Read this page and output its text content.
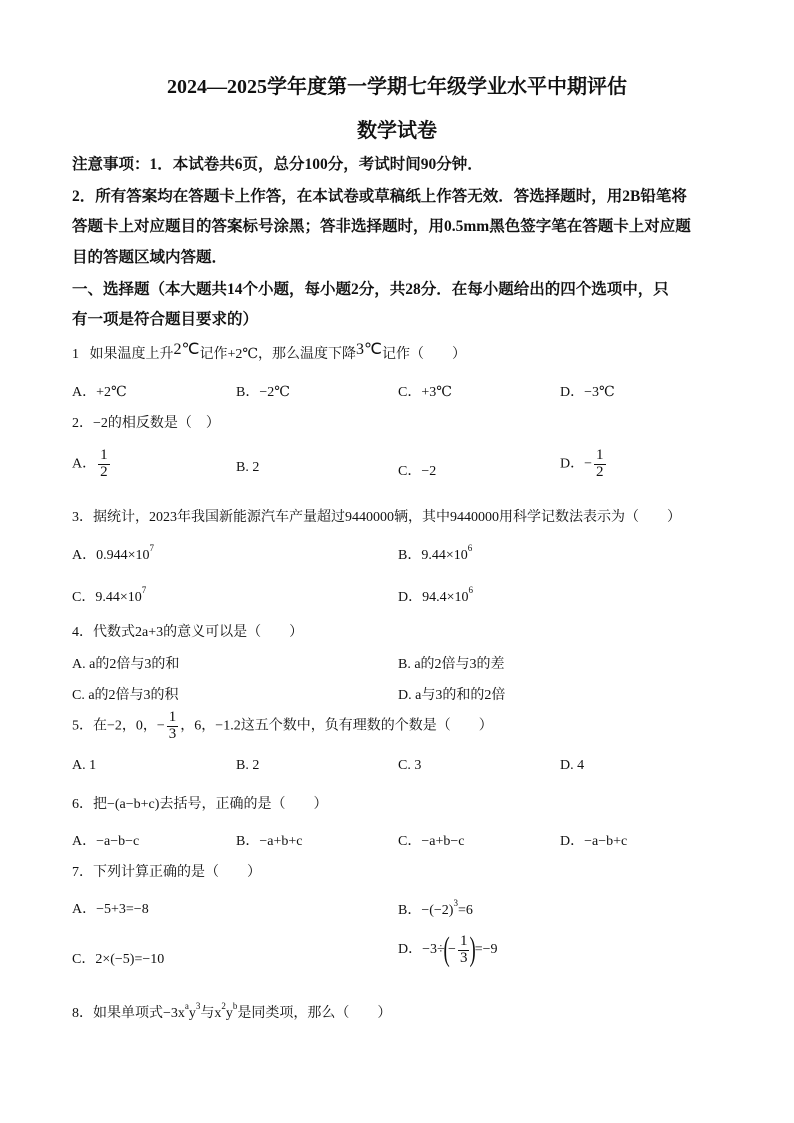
2024—2025学年度第一学期七年级学业水平中期评估
数学试卷
注意事项：1．本试卷共6页，总分100分，考试时间90分钟．
2．所有答案均在答题卡上作答，在本试卷或草稿纸上作答无效．答选择题时，用2B铅笔将
答题卡上对应题目的答案标号涂黑；答非选择题时，用0.5mm黑色签字笔在答题卡上对应题
目的答题区域内答题．
一、选择题（本大题共14个小题，每小题2分，共28分．在每小题给出的四个选项中，只
有一项是符合题目要求的）
1 如果温度上升2℃记作+2℃，那么温度下降3℃记作（　　）
A．+2℃	B．−2℃	C．+3℃	D．−3℃
2．−2的相反数是（　）
A． $\frac{1}{2}$	B. 2	C．−2
D．− $\frac{1}{2}$
3．据统计，2023年我国新能源汽车产量超过9440000辆，其中9440000用科学记数法表示为（　　）
A．$0.944\times 10^7$	B．$9.44\times 10^6$
C．$9.44\times 10^7$	D．$94.4\times 10^6$
4．代数式2a+3的意义可以是（　　）
A. a的2倍与3的和	B. a的2倍与3的差
C. a的2倍与3的积	D. a与3的和的2倍
5．在−2，0，− $\frac{1}{3}$ ，6，−1.2这五个数中，负有理数的个数是（　　）
A. 1	B. 2	C. 3	D. 4
6．把−(a−b+c)去括号，正确的是（　　）
A．−a−b−c	B．−a+b+c	C．−a+b−c	D．−a−b+c
7．下列计算正确的是（　　）
A．−5+3=−8	B．$-(-2)^3=6$
C．2×(−5)=−10
D．$-3\div(- \frac{1}{3} )=-9$
8．如果单项式$-3x^ay^3$与$x^2y^b$是同类项，那么（　　）
